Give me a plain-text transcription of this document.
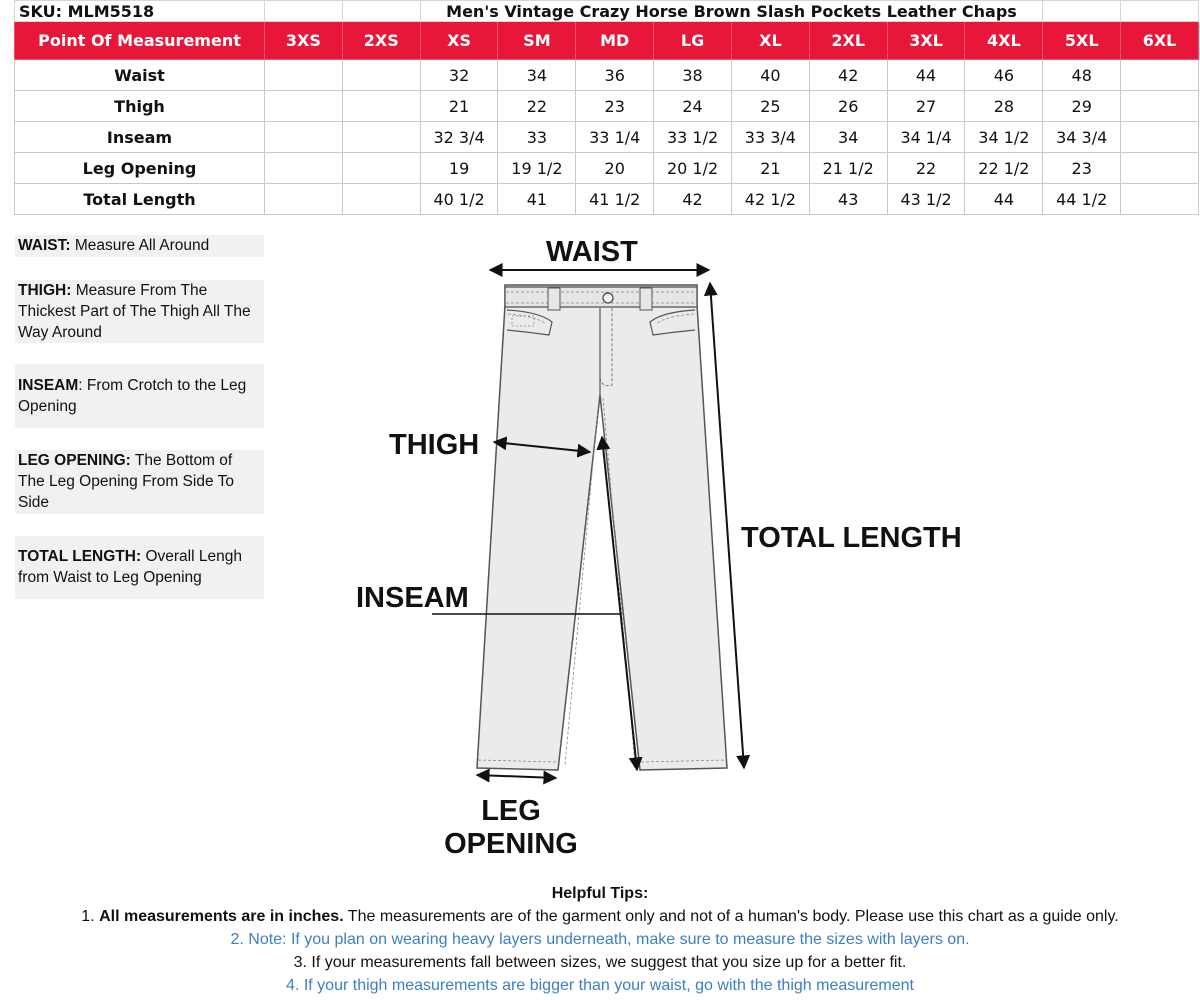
SKU: MLM5518			Men's Vintage Crazy Horse Brown Slash Pockets Leather Chaps									
Point Of Measurement	3XS	2XS	XS	SM	MD	LG	XL	2XL	3XL	4XL	5XL	6XL
Waist			32	34	36	38	40	42	44	46	48	
Thigh			21	22	23	24	25	26	27	28	29	
Inseam			32 3/4	33	33 1/4	33 1/2	33 3/4	34	34 1/4	34 1/2	34 3/4	
Leg Opening			19	19 1/2	20	20 1/2	21	21 1/2	22	22 1/2	23	
Total Length			40 1/2	41	41 1/2	42	42 1/2	43	43 1/2	44	44 1/2	
WAIST: Measure All Around
THIGH: Measure From The Thickest Part of The Thigh All The Way Around
INSEAM: From Crotch to the Leg Opening
LEG OPENING: The Bottom of The Leg Opening From Side To Side
TOTAL LENGTH: Overall Lengh from Waist to Leg Opening
WAIST
THIGH
INSEAM
TOTAL LENGTH
LEG
OPENING
Helpful Tips:
1. All measurements are in inches. The measurements are of the garment only and not of a human's body. Please use this chart as a guide only.
2. Note: If you plan on wearing heavy layers underneath, make sure to measure the sizes with layers on.
3. If your measurements fall between sizes, we suggest that you size up for a better fit.
4. If your thigh measurements are bigger than your waist, go with the thigh measurement
